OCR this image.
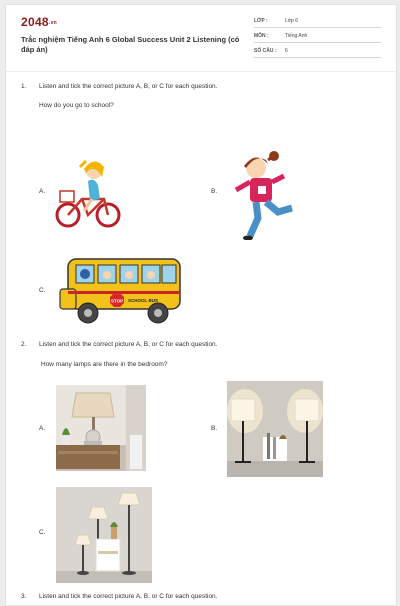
2048.vn
Trắc nghiệm Tiếng Anh 6 Global Success Unit 2 Listening (có đáp án)
LỚP :	Lớp 6
MÔN :	Tiếng Anh
SỐ CÂU : 6
1. Listen and tick the correct picture A, B, or C for each question.
How do you go to school?
A.	B.
C.
STOP SCHOOL BUS
2. Listen and tick the correct picture A, B, or C for each question.
How many lamps are there in the bedroom?
A.	B.
C.
3. Listen and tick the correct picture A, B, or C for each question.
